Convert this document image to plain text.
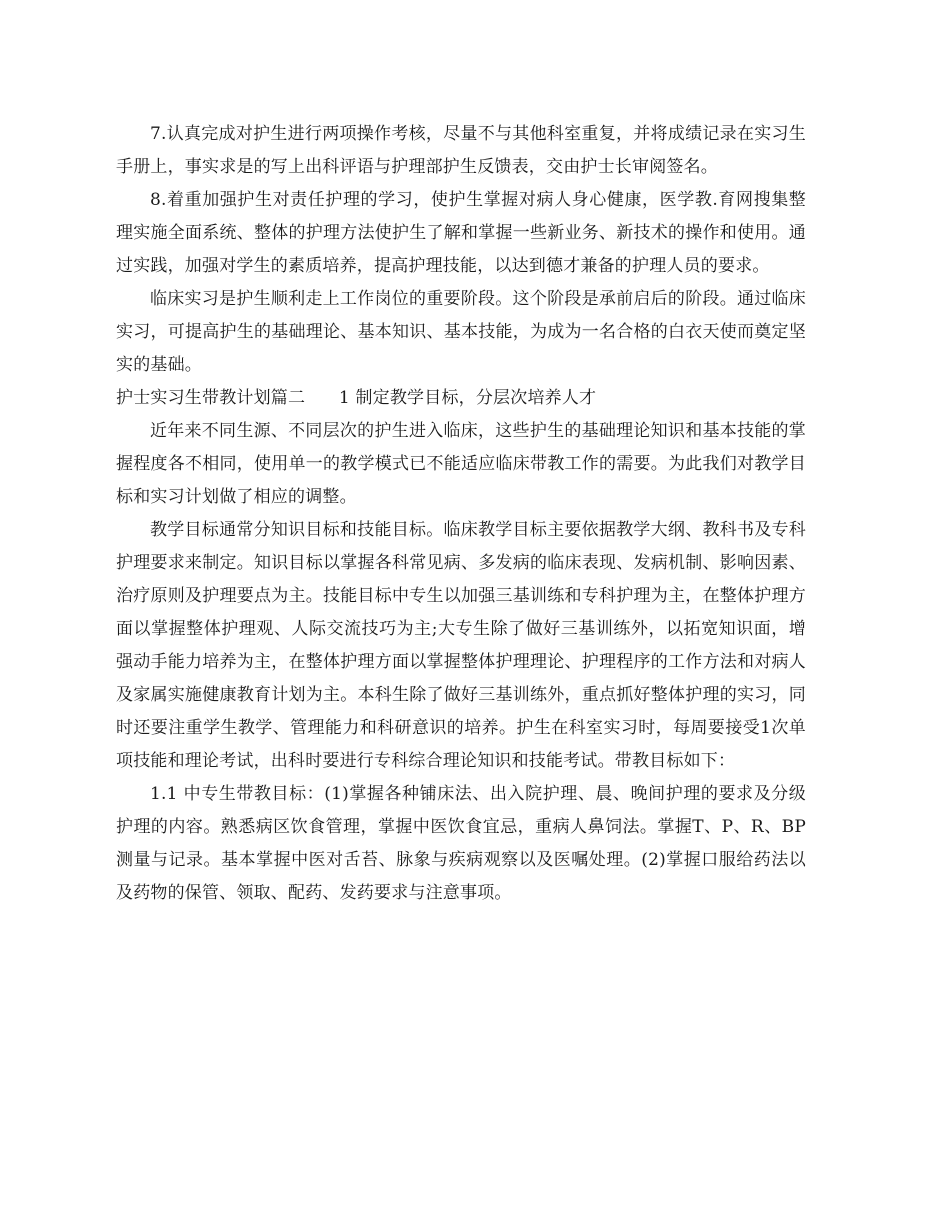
7.认真完成对护生进行两项操作考核，尽量不与其他科室重复，并将成绩记录在实习生手册上，事实求是的写上出科评语与护理部护生反馈表，交由护士长审阅签名。

8.着重加强护生对责任护理的学习，使护生掌握对病人身心健康，医学教.育网搜集整理实施全面系统、整体的护理方法使护生了解和掌握一些新业务、新技术的操作和使用。通过实践，加强对学生的素质培养，提高护理技能，以达到德才兼备的护理人员的要求。

临床实习是护生顺利走上工作岗位的重要阶段。这个阶段是承前启后的阶段。通过临床实习，可提高护生的基础理论、基本知识、基本技能，为成为一名合格的白衣天使而奠定坚实的基础。

护士实习生带教计划篇二      1 制定教学目标，分层次培养人才

近年来不同生源、不同层次的护生进入临床，这些护生的基础理论知识和基本技能的掌握程度各不相同，使用单一的教学模式已不能适应临床带教工作的需要。为此我们对教学目标和实习计划做了相应的调整。

教学目标通常分知识目标和技能目标。临床教学目标主要依据教学大纲、教科书及专科护理要求来制定。知识目标以掌握各科常见病、多发病的临床表现、发病机制、影响因素、治疗原则及护理要点为主。技能目标中专生以加强三基训练和专科护理为主，在整体护理方面以掌握整体护理观、人际交流技巧为主;大专生除了做好三基训练外，以拓宽知识面，增强动手能力培养为主，在整体护理方面以掌握整体护理理论、护理程序的工作方法和对病人及家属实施健康教育计划为主。本科生除了做好三基训练外，重点抓好整体护理的实习，同时还要注重学生教学、管理能力和科研意识的培养。护生在科室实习时，每周要接受1次单项技能和理论考试，出科时要进行专科综合理论知识和技能考试。带教目标如下：

1.1 中专生带教目标：(1)掌握各种铺床法、出入院护理、晨、晚间护理的要求及分级护理的内容。熟悉病区饮食管理，掌握中医饮食宜忌，重病人鼻饲法。掌握T、P、R、BP测量与记录。基本掌握中医对舌苔、脉象与疾病观察以及医嘱处理。(2)掌握口服给药法以及药物的保管、领取、配药、发药要求与注意事项。
